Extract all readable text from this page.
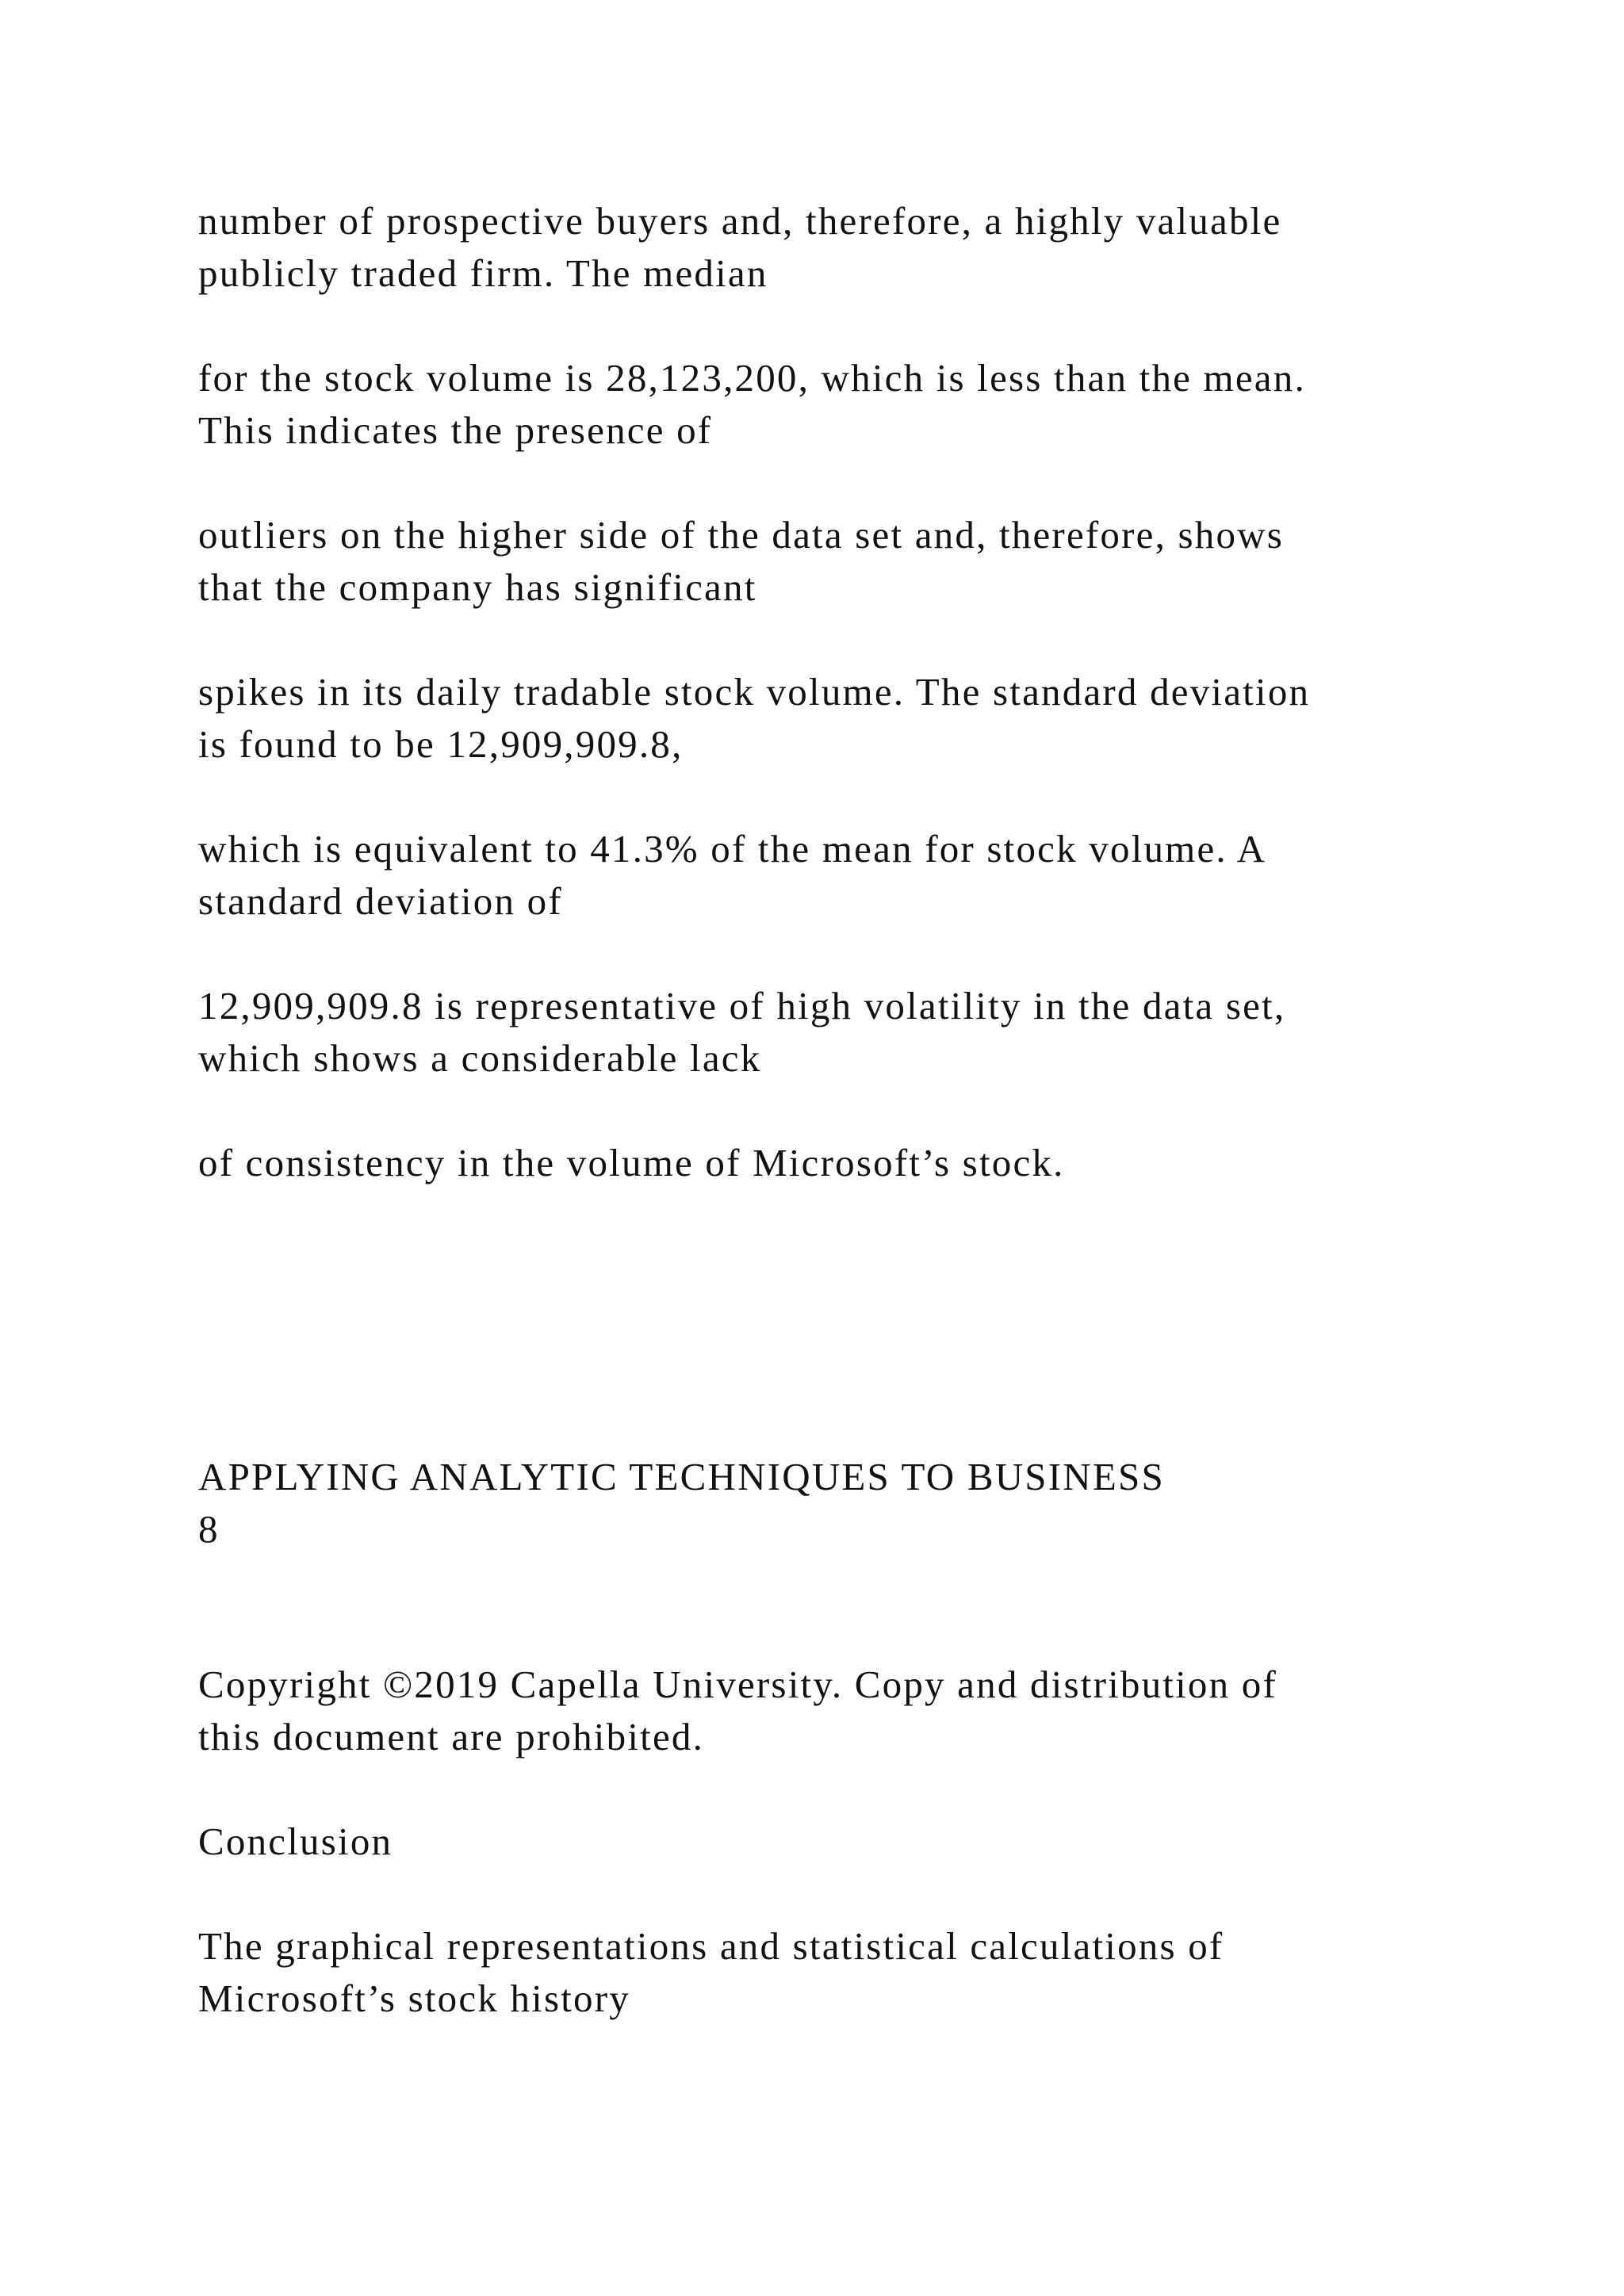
number of prospective buyers and, therefore, a highly valuable
publicly traded firm. The median

for the stock volume is 28,123,200, which is less than the mean.
This indicates the presence of

outliers on the higher side of the data set and, therefore, shows
that the company has significant

spikes in its daily tradable stock volume. The standard deviation
is found to be 12,909,909.8,

which is equivalent to 41.3% of the mean for stock volume. A
standard deviation of

12,909,909.8 is representative of high volatility in the data set,
which shows a considerable lack

of consistency in the volume of Microsoft’s stock.

APPLYING ANALYTIC TECHNIQUES TO BUSINESS
8

Copyright ©2019 Capella University. Copy and distribution of
this document are prohibited.

Conclusion

The graphical representations and statistical calculations of
Microsoft’s stock history
